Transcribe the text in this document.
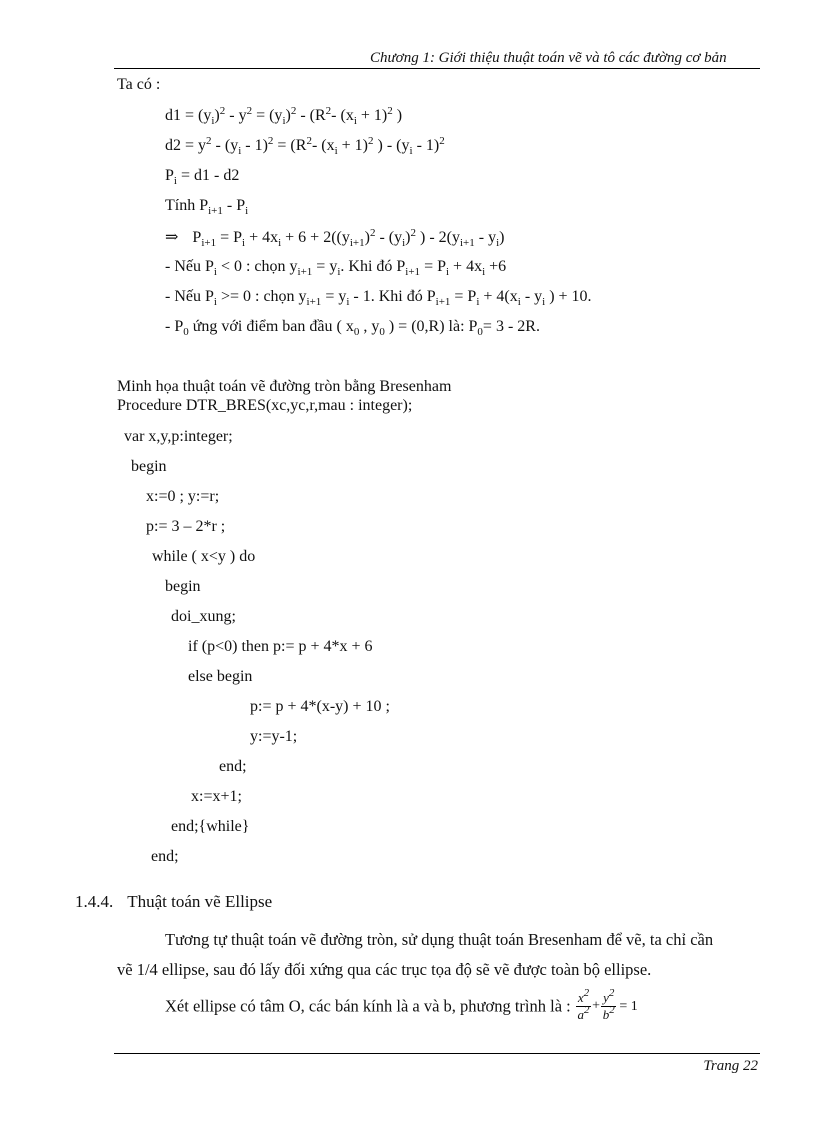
Chương 1: Giới thiệu thuật toán vẽ và tô các đường cơ bản
Ta có :
$d1 = (y_i)^2 - y^2 = (y_i)^2 - (R^2-$ $(x_i + 1)^2$ )
$d2 = y^2 - (y_i - 1)^2 = (R^2-$ $(x_i + 1)^2$ ) - $(y_i - 1)^2$
$P_i = d1 - d2$
Tính $P_{i+1} - P_i$
⇒ $P_{i+1} = P_i + 4x_i + 6 + 2((y_{i+1})^2 - (y_i)^2$ ) - $2(y_{i+1} - y_i)$
- Nếu $P_i < 0$ : chọn $y_{i+1} = y_i$. Khi đó $P_{i+1} = P_i + 4x_i +6$
- Nếu $P_i >= 0$ : chọn $y_{i+1} = y_i - 1$. Khi đó $P_{i+1} = P_i + 4(x_i - y_i$ ) + 10.
- $P_0$ ứng với điểm ban đầu ( $x_0$ , $y_0$ ) = (0,R) là: $P_0= 3 - 2R$.
Minh họa thuật toán vẽ đường tròn bằng Bresenham
Procedure DTR_BRES(xc,yc,r,mau : integer);
var x,y,p:integer;
begin
x:=0 ; y:=r;
p:= 3 – 2*r ;
while ( x<y ) do
begin
doi_xung;
if (p<0) then p:= p + 4*x + 6
else begin
p:= p + 4*(x-y) + 10 ;
y:=y-1;
end;
x:=x+1;
end;{while}
end;
1.4.4. Thuật toán vẽ Ellipse
Tương tự thuật toán vẽ đường tròn, sử dụng thuật toán Bresenham để vẽ, ta chỉ cần
vẽ 1/4 ellipse, sau đó lấy đối xứng qua các trục tọa độ sẽ vẽ được toàn bộ ellipse.
Xét ellipse có tâm O, các bán kính là a và b, phương trình là : $\frac{x^2}{a^2} + \frac{y^2}{b^2} = 1$
Trang 22
